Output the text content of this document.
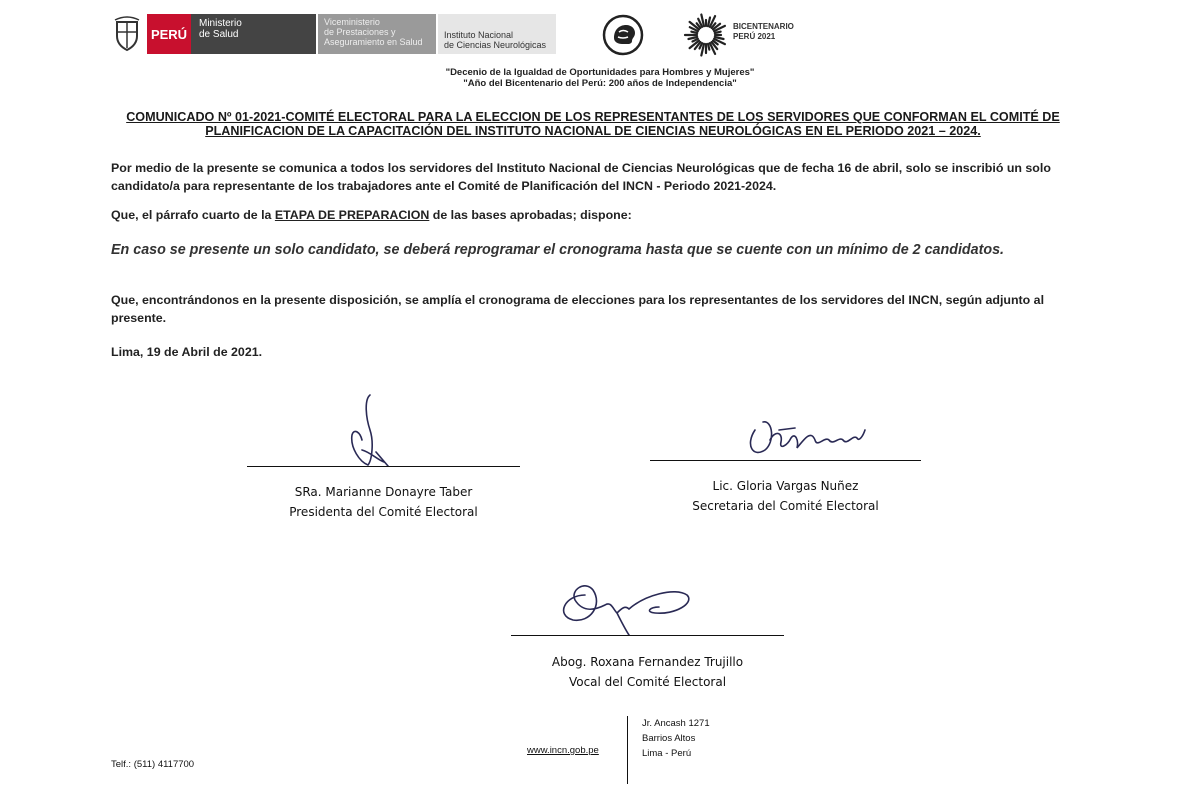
PERÚ
Ministerio
de Salud
Viceministerio
de Prestaciones y
Aseguramiento en Salud
Instituto Nacional
de Ciencias Neurológicas
BICENTENARIO
PERÚ 2021
"Decenio de la Igualdad de Oportunidades para Hombres y Mujeres"
"Año del Bicentenario del Perú: 200 años de Independencia"
COMUNICADO Nº 01-2021-COMITÉ ELECTORAL PARA LA ELECCION DE LOS REPRESENTANTES DE LOS SERVIDORES QUE CONFORMAN EL COMITÉ DE PLANIFICACION DE LA CAPACITACIÓN DEL INSTITUTO NACIONAL DE CIENCIAS NEUROLÓGICAS EN EL PERIODO 2021 – 2024.
Por medio de la presente se comunica a todos los servidores del Instituto Nacional de Ciencias Neurológicas que de fecha 16 de abril, solo se inscribió un solo candidato/a para representante de los trabajadores ante el Comité de Planificación del INCN - Periodo 2021-2024.
Que, el párrafo cuarto de la ETAPA DE PREPARACION de las bases aprobadas; dispone:
En caso se presente un solo candidato, se deberá reprogramar el cronograma hasta que se cuente con un mínimo de 2 candidatos.
Que, encontrándonos en la presente disposición, se amplía el cronograma de elecciones para los representantes de los servidores del INCN, según adjunto al presente.
Lima, 19 de Abril de 2021.
SRa. Marianne Donayre Taber
Presidenta del Comité Electoral
Lic. Gloria Vargas Nuñez
Secretaria del Comité Electoral
Abog. Roxana Fernandez Trujillo
Vocal del Comité Electoral
Telf.: (511) 4117700
www.incn.gob.pe
Jr. Ancash 1271
Barrios Altos
Lima - Perú
